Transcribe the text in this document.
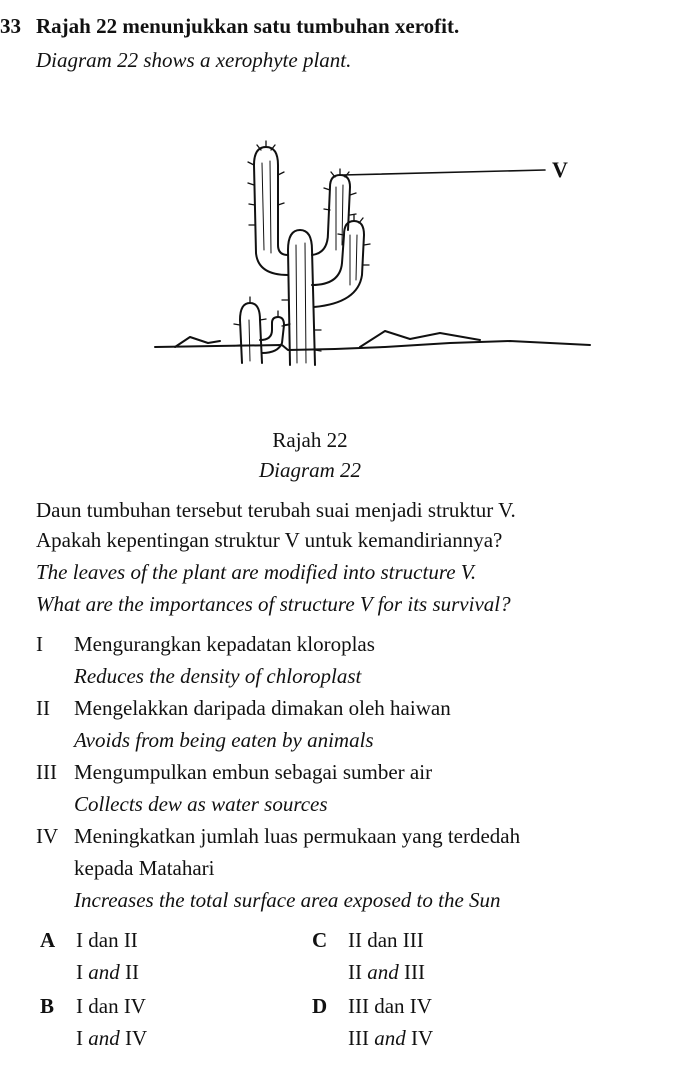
33 Rajah 22 menunjukkan satu tumbuhan xerofit.
Diagram 22 shows a xerophyte plant.
V
Rajah 22
Diagram 22
Daun tumbuhan tersebut terubah suai menjadi struktur V.
Apakah kepentingan struktur V untuk kemandiriannya?
The leaves of the plant are modified into structure V.
What are the importances of structure V for its survival?
I Mengurangkan kepadatan kloroplas
Reduces the density of chloroplast
II Mengelakkan daripada dimakan oleh haiwan
Avoids from being eaten by animals
III Mengumpulkan embun sebagai sumber air
Collects dew as water sources
IV Meningkatkan jumlah luas permukaan yang terdedah
kepada Matahari
Increases the total surface area exposed to the Sun
A I dan II
I and II
B I dan IV
I and IV
C II dan III
II and III
D III dan IV
III and IV
